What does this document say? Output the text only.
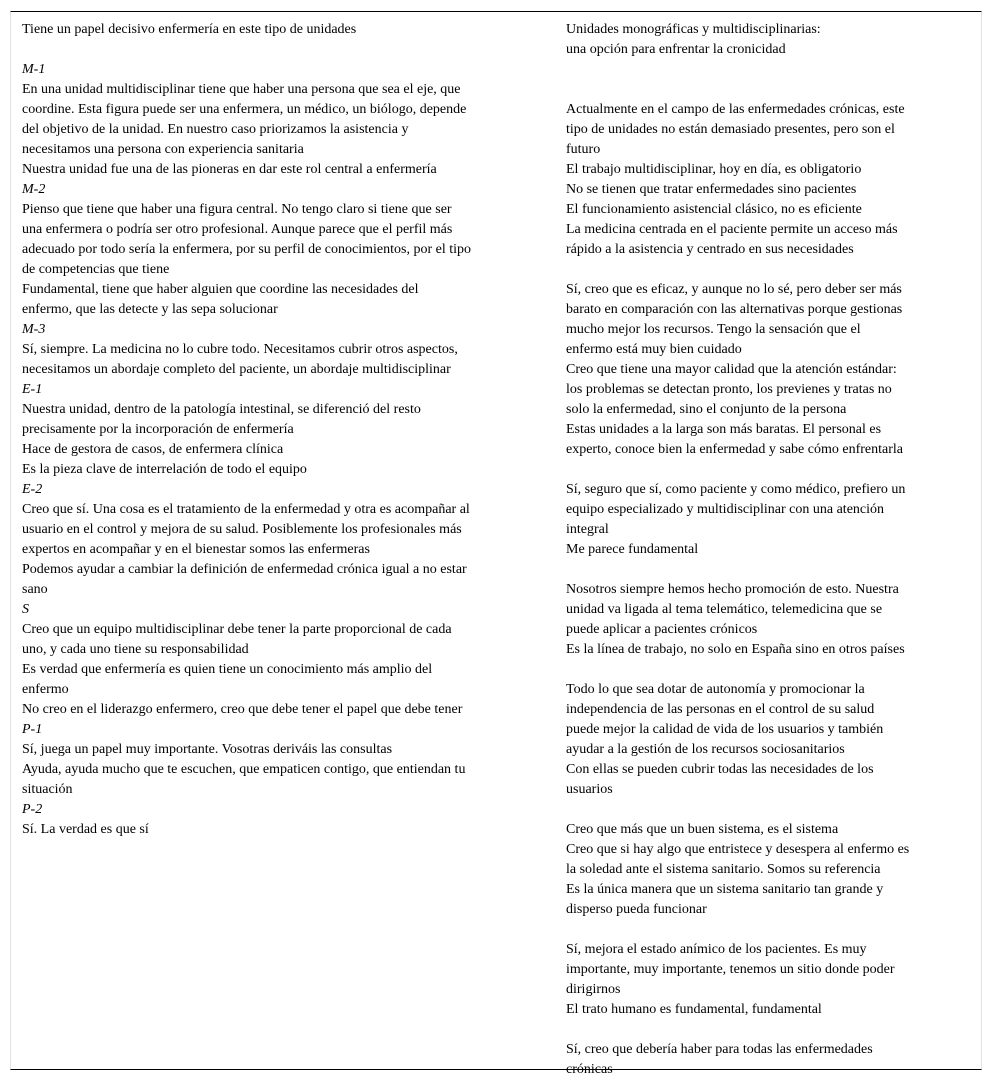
Tiene un papel decisivo enfermería en este tipo de unidades
M-1
En una unidad multidisciplinar tiene que haber una persona que sea el eje, que
coordine. Esta figura puede ser una enfermera, un médico, un biólogo, depende
del objetivo de la unidad. En nuestro caso priorizamos la asistencia y
necesitamos una persona con experiencia sanitaria
Nuestra unidad fue una de las pioneras en dar este rol central a enfermería
M-2
Pienso que tiene que haber una figura central. No tengo claro si tiene que ser
una enfermera o podría ser otro profesional. Aunque parece que el perfil más
adecuado por todo sería la enfermera, por su perfil de conocimientos, por el tipo
de competencias que tiene
Fundamental, tiene que haber alguien que coordine las necesidades del
enfermo, que las detecte y las sepa solucionar
M-3
Sí, siempre. La medicina no lo cubre todo. Necesitamos cubrir otros aspectos,
necesitamos un abordaje completo del paciente, un abordaje multidisciplinar
E-1
Nuestra unidad, dentro de la patología intestinal, se diferenció del resto
precisamente por la incorporación de enfermería
Hace de gestora de casos, de enfermera clínica
Es la pieza clave de interrelación de todo el equipo
E-2
Creo que sí. Una cosa es el tratamiento de la enfermedad y otra es acompañar al
usuario en el control y mejora de su salud. Posiblemente los profesionales más
expertos en acompañar y en el bienestar somos las enfermeras
Podemos ayudar a cambiar la definición de enfermedad crónica igual a no estar
sano
S
Creo que un equipo multidisciplinar debe tener la parte proporcional de cada
uno, y cada uno tiene su responsabilidad
Es verdad que enfermería es quien tiene un conocimiento más amplio del
enfermo
No creo en el liderazgo enfermero, creo que debe tener el papel que debe tener
P-1
Sí, juega un papel muy importante. Vosotras deriváis las consultas
Ayuda, ayuda mucho que te escuchen, que empaticen contigo, que entiendan tu
situación
P-2
Sí. La verdad es que sí
Unidades monográficas y multidisciplinarias:
una opción para enfrentar la cronicidad
Actualmente en el campo de las enfermedades crónicas, este
tipo de unidades no están demasiado presentes, pero son el
futuro
El trabajo multidisciplinar, hoy en día, es obligatorio
No se tienen que tratar enfermedades sino pacientes
El funcionamiento asistencial clásico, no es eficiente
La medicina centrada en el paciente permite un acceso más
rápido a la asistencia y centrado en sus necesidades
Sí, creo que es eficaz, y aunque no lo sé, pero deber ser más
barato en comparación con las alternativas porque gestionas
mucho mejor los recursos. Tengo la sensación que el
enfermo está muy bien cuidado
Creo que tiene una mayor calidad que la atención estándar:
los problemas se detectan pronto, los previenes y tratas no
solo la enfermedad, sino el conjunto de la persona
Estas unidades a la larga son más baratas. El personal es
experto, conoce bien la enfermedad y sabe cómo enfrentarla
Sí, seguro que sí, como paciente y como médico, prefiero un
equipo especializado y multidisciplinar con una atención
integral
Me parece fundamental
Nosotros siempre hemos hecho promoción de esto. Nuestra
unidad va ligada al tema telemático, telemedicina que se
puede aplicar a pacientes crónicos
Es la línea de trabajo, no solo en España sino en otros países
Todo lo que sea dotar de autonomía y promocionar la
independencia de las personas en el control de su salud
puede mejor la calidad de vida de los usuarios y también
ayudar a la gestión de los recursos sociosanitarios
Con ellas se pueden cubrir todas las necesidades de los
usuarios
Creo que más que un buen sistema, es el sistema
Creo que si hay algo que entristece y desespera al enfermo es
la soledad ante el sistema sanitario. Somos su referencia
Es la única manera que un sistema sanitario tan grande y
disperso pueda funcionar
Sí, mejora el estado anímico de los pacientes. Es muy
importante, muy importante, tenemos un sitio donde poder
dirigirnos
El trato humano es fundamental, fundamental
Sí, creo que debería haber para todas las enfermedades
crónicas
